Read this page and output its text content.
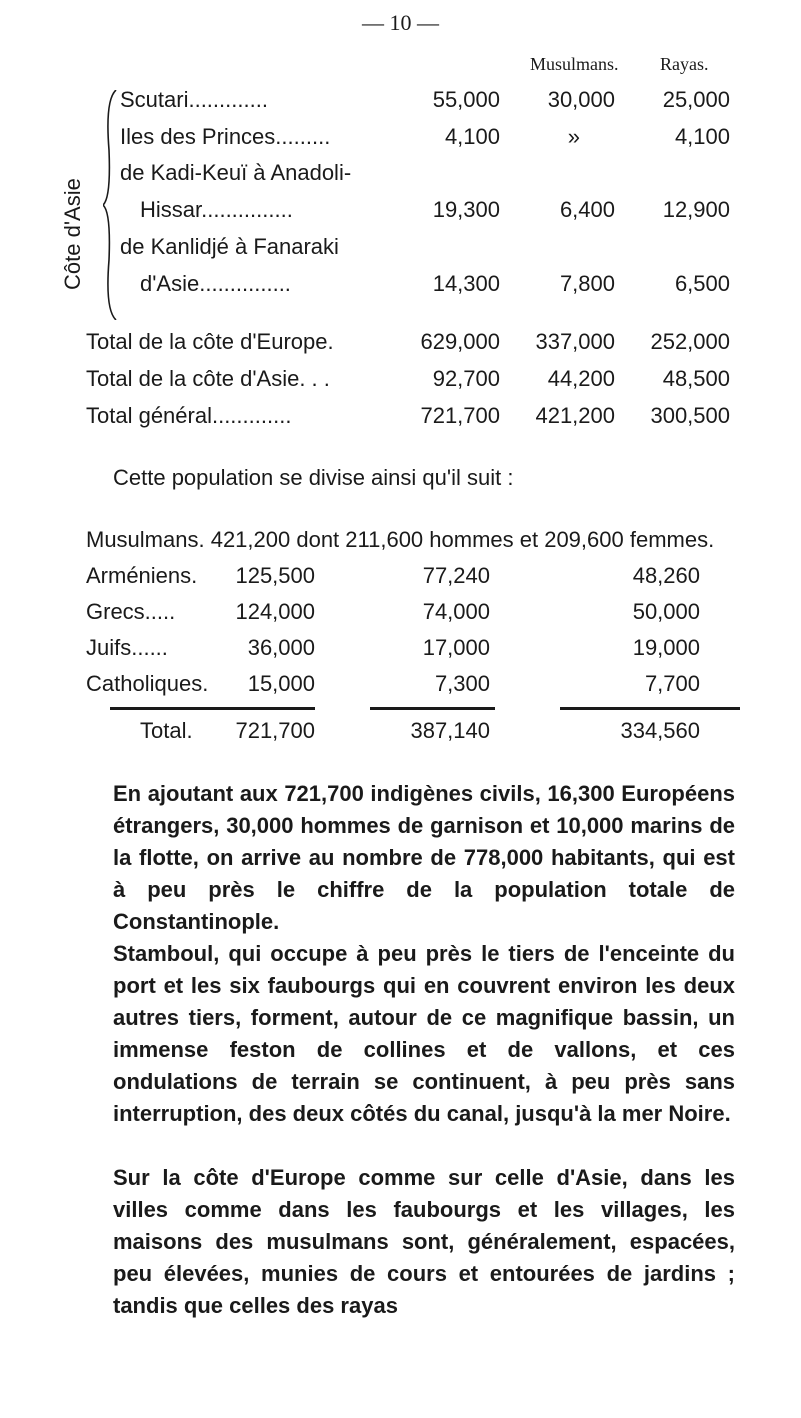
— 10 —
Musulmans. Rayas.
Côte d'Asie
Scutari.............	55,000	30,000	25,000
Iles des Princes.........	4,100	»	4,100
de Kadi-Keuï à Anadoli-
Hissar...............	19,300	6,400	12,900
de Kanlidjé à Fanaraki
d'Asie...............	14,300	7,800	6,500
Total de la côte d'Europe.	629,000	337,000	252,000
Total de la côte d'Asie. . .	92,700	44,200	48,500
Total général.............	721,700	421,200	300,500
Cette population se divise ainsi qu'il suit :
Musulmans. 421,200 dont 211,600 hommes et 209,600 femmes.
Arméniens.	125,500	77,240	48,260
Grecs.....	124,000	74,000	50,000
Juifs......	36,000	17,000	19,000
Catholiques.	15,000	7,300	7,700
Total.	721,700	387,140	334,560

En ajoutant aux 721,700 indigènes civils, 16,300 Européens étrangers, 30,000 hommes de garnison et 10,000 marins de la flotte, on arrive au nombre de 778,000 habitants, qui est à peu près le chiffre de la population totale de Constantinople.

Stamboul, qui occupe à peu près le tiers de l'enceinte du port et les six faubourgs qui en couvrent environ les deux autres tiers, forment, autour de ce magnifique bassin, un immense feston de collines et de vallons, et ces ondulations de terrain se continuent, à peu près sans interruption, des deux côtés du canal, jusqu'à la mer Noire.

Sur la côte d'Europe comme sur celle d'Asie, dans les villes comme dans les faubourgs et les villages, les maisons des musulmans sont, généralement, espacées, peu élevées, munies de cours et entourées de jardins ; tandis que celles des rayas
